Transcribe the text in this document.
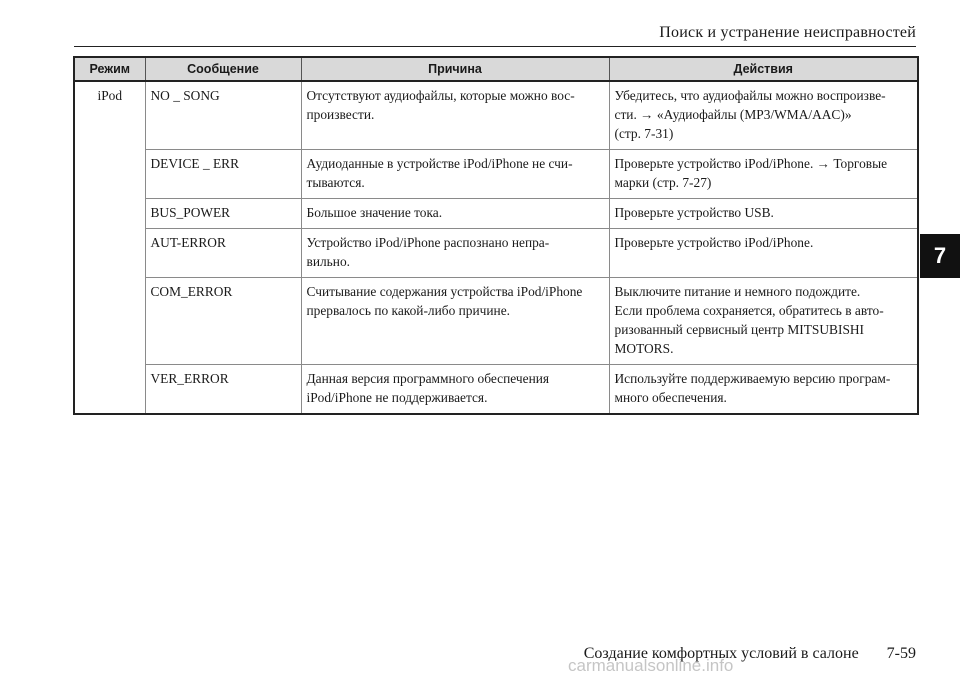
Поиск и устранение неисправностей
7
Режим	Сообщение	Причина	Действия
iPod	NO _ SONG	Отсутствуют аудиофайлы, которые можно вос-
произвести.

Убедитесь, что аудиофайлы можно воспроизве-
сти. → «Аудиофайлы (MP3/WMA/AAC)»
(стр. 7-31)

DEVICE _ ERR	Аудиоданные в устройстве iPod/iPhone не счи-
тываются.

Проверьте устройство iPod/iPhone. → Торговые
марки (стр. 7-27)

BUS_POWER	Большое значение тока.	Проверьте устройство USB.

AUT-ERROR	Устройство iPod/iPhone распознано непра-
вильно.

Проверьте устройство iPod/iPhone.

COM_ERROR	Считывание содержания устройства iPod/iPhone
прервалось по какой-либо причине.

Выключите питание и немного подождите.
Если проблема сохраняется, обратитесь в авто-
ризованный сервисный центр MITSUBISHI
MOTORS.

VER_ERROR	Данная версия программного обеспечения
iPod/iPhone не поддерживается.

Используйте поддерживаемую версию програм-
много обеспечения.
Создание комфортных условий в салоне 7-59
carmanualsonline.info
